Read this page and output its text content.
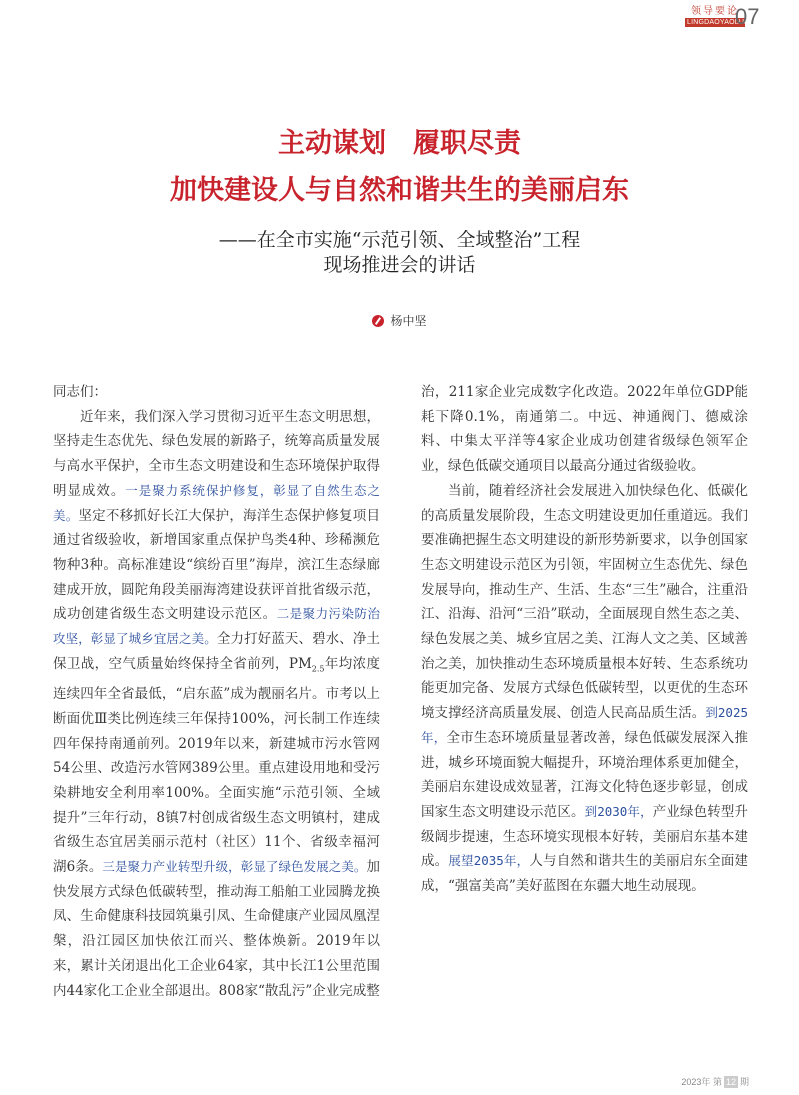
领导要论
LINGDAOYAOLUN
07
主动谋划　履职尽责
加快建设人与自然和谐共生的美丽启东
——在全市实施“示范引领、全域整治”工程
现场推进会的讲话
杨中坚

同志们：

近年来，我们深入学习贯彻习近平生态文明思想，坚持走生态优先、绿色发展的新路子，统筹高质量发展与高水平保护，全市生态文明建设和生态环境保护取得明显成效。一是聚力系统保护修复，彰显了自然生态之美。坚定不移抓好长江大保护，海洋生态保护修复项目通过省级验收，新增国家重点保护鸟类4种、珍稀濒危物种3种。高标准建设“缤纷百里”海岸，滨江生态绿廊建成开放，圆陀角段美丽海湾建设获评首批省级示范，成功创建省级生态文明建设示范区。二是聚力污染防治攻坚，彰显了城乡宜居之美。全力打好蓝天、碧水、净土保卫战，空气质量始终保持全省前列，$PM_{2.5}$年均浓度连续四年全省最低，“启东蓝”成为靓丽名片。市考以上断面优Ⅲ类比例连续三年保持100%，河长制工作连续四年保持南通前列。2019年以来，新建城市污水管网54公里、改造污水管网389公里。重点建设用地和受污染耕地安全利用率100%。全面实施“示范引领、全域提升”三年行动，8镇7村创成省级生态文明镇村，建成省级生态宜居美丽示范村（社区）11个、省级幸福河湖6条。三是聚力产业转型升级，彰显了绿色发展之美。加快发展方式绿色低碳转型，推动海工船舶工业园腾龙换凤、生命健康科技园筑巢引凤、生命健康产业园凤凰涅槃，沿江园区加快依江而兴、整体焕新。2019年以来，累计关闭退出化工企业64家，其中长江1公里范围内44家化工企业全部退出。808家“散乱污”企业完成整

治，211家企业完成数字化改造。2022年单位GDP能耗下降0.1%，南通第二。中远、神通阀门、德威涂料、中集太平洋等4家企业成功创建省级绿色领军企业，绿色低碳交通项目以最高分通过省级验收。

当前，随着经济社会发展进入加快绿色化、低碳化的高质量发展阶段，生态文明建设更加任重道远。我们要准确把握生态文明建设的新形势新要求，以争创国家生态文明建设示范区为引领，牢固树立生态优先、绿色发展导向，推动生产、生活、生态“三生”融合，注重沿江、沿海、沿河“三沿”联动，全面展现自然生态之美、绿色发展之美、城乡宜居之美、江海人文之美、区域善治之美，加快推动生态环境质量根本好转、生态系统功能更加完备、发展方式绿色低碳转型，以更优的生态环境支撑经济高质量发展、创造人民高品质生活。到2025年，全市生态环境质量显著改善，绿色低碳发展深入推进，城乡环境面貌大幅提升，环境治理体系更加健全，美丽启东建设成效显著，江海文化特色逐步彰显，创成国家生态文明建设示范区。到2030年，产业绿色转型升级阔步提速，生态环境实现根本好转，美丽启东基本建成。展望2035年，人与自然和谐共生的美丽启东全面建成，“强富美高”美好蓝图在东疆大地生动展现。

2023年 第 12 期
